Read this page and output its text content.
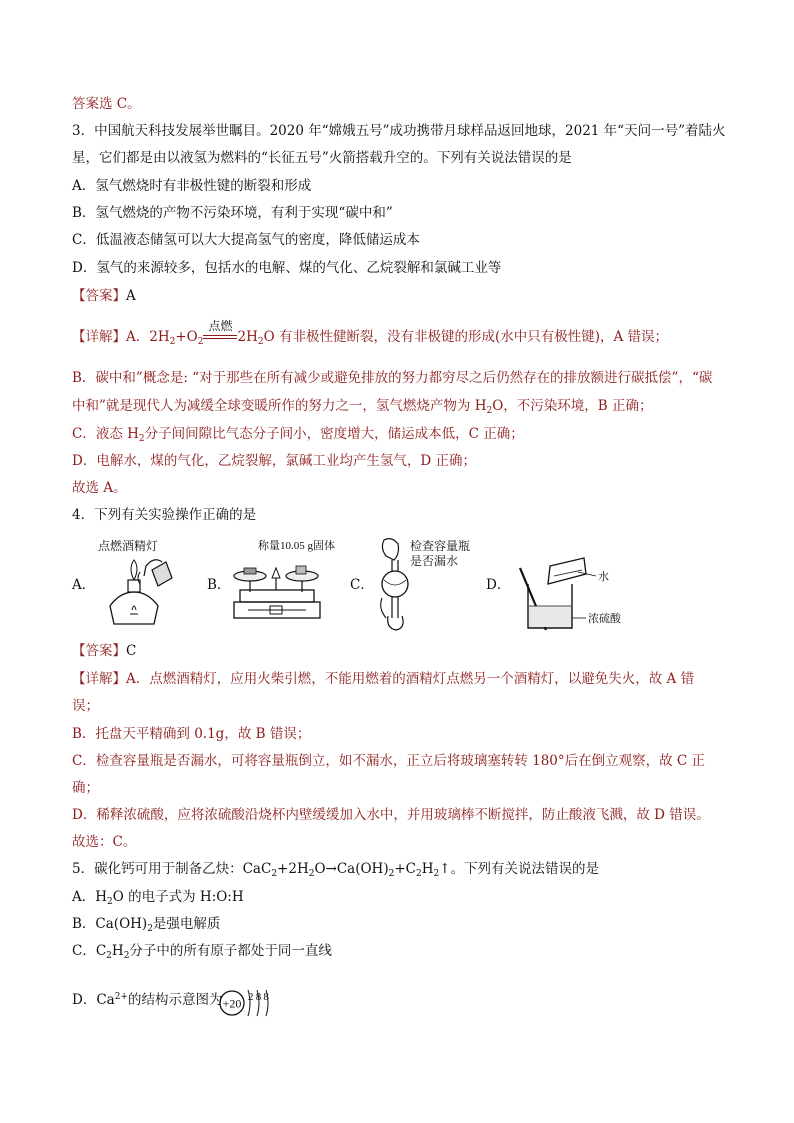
答案选 C。
3．中国航天科技发展举世瞩目。2020 年“嫦娥五号”成功携带月球样品返回地球，2021 年“天问一号”着陆火
星，它们都是由以液氢为燃料的“长征五号”火箭搭载升空的。下列有关说法错误的是
A．氢气燃烧时有非极性键的断裂和形成
B．氢气燃烧的产物不污染环境，有利于实现“碳中和”
C．低温液态储氢可以大大提高氢气的密度，降低储运成本
D．氢气的来源较多，包括水的电解、煤的气化、乙烷裂解和氯碱工业等
【答案】A
【详解】A．$2H_2+O_2$
点燃
$2H_2O$ 有非极性健断裂，没有非极键的形成(水中只有极性键)，A 错误；
B．碳中和”概念是: “对于那些在所有减少或避免排放的努力都穷尽之后仍然存在的排放额进行碳抵偿”，“碳
中和”就是现代人为减缓全球变暖所作的努力之一，氢气燃烧产物为 $H_2O$，不污染环境，B 正确；
C．液态 $H_2$分子间间隙比气态分子间小，密度增大，储运成本低，C 正确；
D．电解水，煤的气化，乙烷裂解，氯碱工业均产生氢气，D 正确；
故选 A。
4．下列有关实验操作正确的是
A．
点燃酒精灯
B．
称量10.05 g固体
C．
检查容量瓶
是否漏水
D．	水
浓硫酸
【答案】C
【详解】A．点燃酒精灯，应用火柴引燃，不能用燃着的酒精灯点燃另一个酒精灯，以避免失火，故 A 错
误；
B．托盘天平精确到 0.1g，故 B 错误；
C．检查容量瓶是否漏水，可将容量瓶倒立，如不漏水，正立后将玻璃塞转转 180°后在倒立观察，故 C 正
确；
D．稀释浓硫酸，应将浓硫酸沿烧杯内壁缓缓加入水中，并用玻璃棒不断搅拌，防止酸液飞溅，故 D 错误。
故选：C。
5．碳化钙可用于制备乙炔：$CaC_2+2H_2O\to Ca(OH)_2+C_2H_2↑$。下列有关说法错误的是
A．$H_2O$ 的电子式为 H:O:H
B．$Ca(OH)_2$是强电解质
C．$C_2H_2$分子中的所有原子都处于同一直线
D．$Ca^{2+}$的结构示意图为 +20 288
